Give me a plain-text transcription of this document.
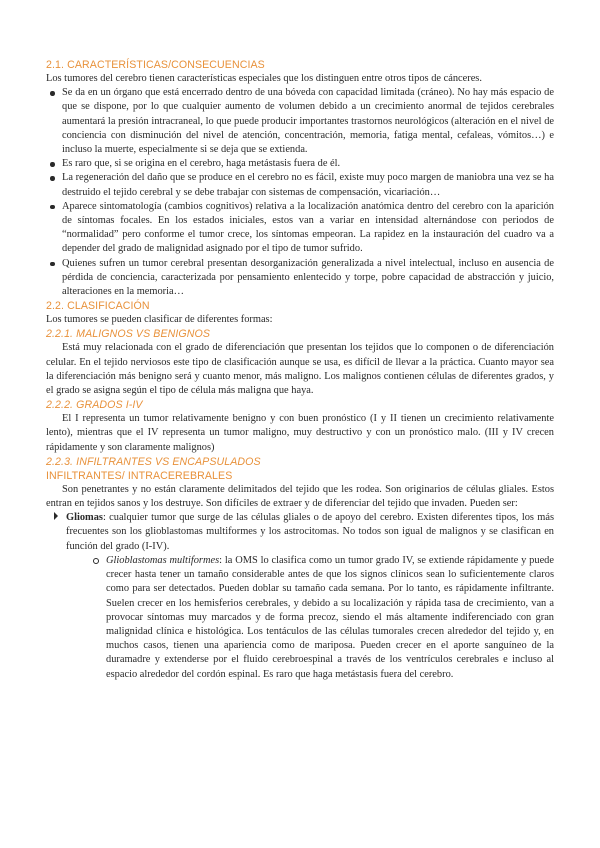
2.1. CARACTERÍSTICAS/CONSECUENCIAS

Los tumores del cerebro tienen características especiales que los distinguen entre otros tipos de cánceres.

Se da en un órgano que está encerrado dentro de una bóveda con capacidad limitada (cráneo). No hay más espacio de que se dispone, por lo que cualquier aumento de volumen debido a un crecimiento anormal de tejidos cerebrales aumentará la presión intracraneal, lo que puede producir importantes trastornos neurológicos (alteración en el nivel de conciencia con disminución del nivel de atención, concentración, memoria, fatiga mental, cefaleas, vómitos…) e incluso la muerte, especialmente si se deja que se extienda.
Es raro que, si se origina en el cerebro, haga metástasis fuera de él.
La regeneración del daño que se produce en el cerebro no es fácil, existe muy poco margen de maniobra una vez se ha destruido el tejido cerebral y se debe trabajar con sistemas de compensación, vicariación…
Aparece sintomatología (cambios cognitivos) relativa a la localización anatómica dentro del cerebro con la aparición de síntomas focales. En los estados iniciales, estos van a variar en intensidad alternándose con periodos de “normalidad” pero conforme el tumor crece, los síntomas empeoran. La rapidez en la instauración del cuadro va a depender del grado de malignidad asignado por el tipo de tumor sufrido.
Quienes sufren un tumor cerebral presentan desorganización generalizada a nivel intelectual, incluso en ausencia de pérdida de conciencia, caracterizada por pensamiento enlentecido y torpe, pobre capacidad de abstracción y juicio, alteraciones en la memoria…
2.2. CLASIFICACIÓN

Los tumores se pueden clasificar de diferentes formas:

2.2.1. MALIGNOS VS BENIGNOS

Está muy relacionada con el grado de diferenciación que presentan los tejidos que lo componen o de diferenciación celular. En el tejido nerviosos este tipo de clasificación aunque se usa, es difícil de llevar a la práctica. Cuanto mayor sea la diferenciación más benigno será y cuanto menor, más maligno. Los malignos contienen células de diferentes grados, y el grado se asigna según el tipo de célula más maligna que haya.

2.2.2. GRADOS I-IV

El I representa un tumor relativamente benigno y con buen pronóstico (I y II tienen un crecimiento relativamente lento), mientras que el IV representa un tumor maligno, muy destructivo y con un pronóstico malo. (III y IV crecen rápidamente y son claramente malignos)

2.2.3. INFILTRANTES VS ENCAPSULADOS
INFILTRANTES/ INTRACEREBRALES

Son penetrantes y no están claramente delimitados del tejido que les rodea. Son originarios de células gliales. Estos entran en tejidos sanos y los destruye. Son difíciles de extraer y de diferenciar del tejido que invaden. Pueden ser:

Gliomas: cualquier tumor que surge de las células gliales o de apoyo del cerebro. Existen diferentes tipos, los más frecuentes son los glioblastomas multiformes y los astrocitomas. No todos son igual de malignos y se clasifican en función del grado (I-IV).
Glioblastomas multiformes: la OMS lo clasifica como un tumor grado IV, se extiende rápidamente y puede crecer hasta tener un tamaño considerable antes de que los signos clínicos sean lo suficientemente claros como para ser detectados. Pueden doblar su tamaño cada semana. Por lo tanto, es rápidamente infiltrante. Suelen crecer en los hemisferios cerebrales, y debido a su localización y rápida tasa de crecimiento, van a provocar síntomas muy marcados y de forma precoz, siendo el más altamente indiferenciado con gran malignidad clínica e histológica. Los tentáculos de las células tumorales crecen alrededor del tejido y, en muchos casos, tienen una apariencia como de mariposa. Pueden crecer en el aporte sanguíneo de la duramadre y extenderse por el fluido cerebroespinal a través de los ventrículos cerebrales e incluso al espacio alrededor del cordón espinal. Es raro que haga metástasis fuera del cerebro.
